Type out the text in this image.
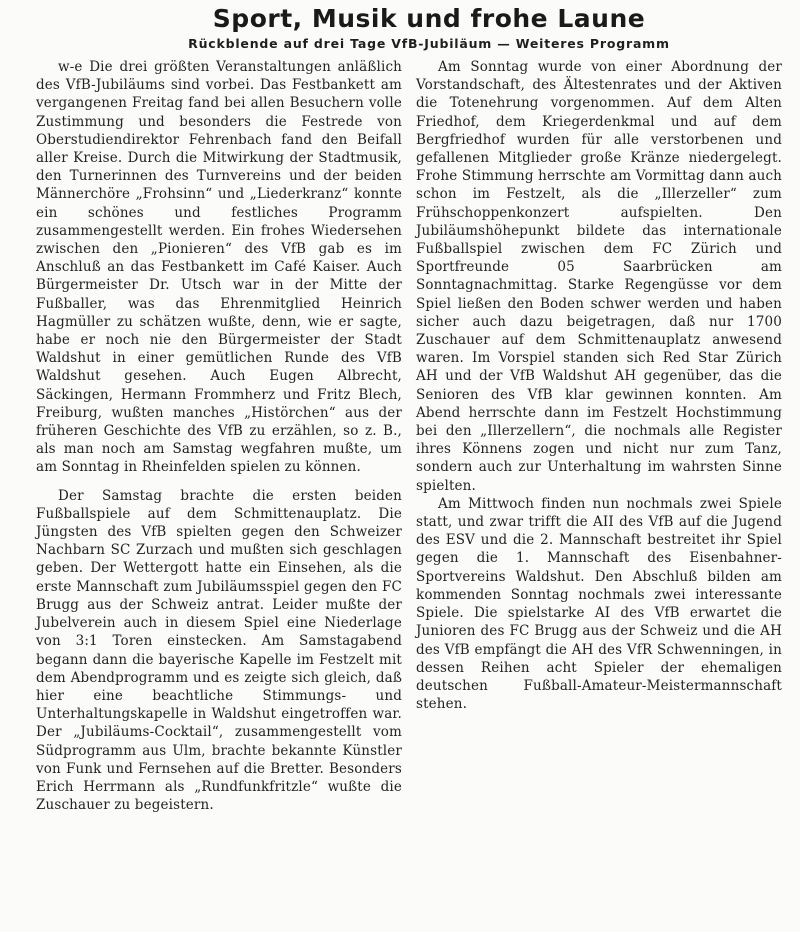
Sport, Musik und frohe Laune
Rückblende auf drei Tage VfB-Jubiläum — Weiteres Programm

w-e Die drei größten Veranstaltungen anläßlich des VfB-Jubiläums sind vorbei. Das Festbankett am vergangenen Freitag fand bei allen Besuchern volle Zustimmung und besonders die Festrede von Oberstudiendirektor Fehrenbach fand den Beifall aller Kreise. Durch die Mitwirkung der Stadtmusik, den Turnerinnen des Turnvereins und der beiden Männerchöre „Frohsinn“ und „Liederkranz“ konnte ein schönes und festliches Programm zusammengestellt werden. Ein frohes Wiedersehen zwischen den „Pionieren“ des VfB gab es im Anschluß an das Festbankett im Café Kaiser. Auch Bürgermeister Dr. Utsch war in der Mitte der Fußballer, was das Ehrenmitglied Heinrich Hagmüller zu schätzen wußte, denn, wie er sagte, habe er noch nie den Bürgermeister der Stadt Waldshut in einer gemütlichen Runde des VfB Waldshut gesehen. Auch Eugen Albrecht, Säckingen, Hermann Frommherz und Fritz Blech, Freiburg, wußten manches „Histörchen“ aus der früheren Geschichte des VfB zu erzählen, so z. B., als man noch am Samstag wegfahren mußte, um am Sonntag in Rheinfelden spielen zu können.

Der Samstag brachte die ersten beiden Fußballspiele auf dem Schmittenauplatz. Die Jüngsten des VfB spielten gegen den Schweizer Nachbarn SC Zurzach und mußten sich geschlagen geben. Der Wettergott hatte ein Einsehen, als die erste Mannschaft zum Jubiläumsspiel gegen den FC Brugg aus der Schweiz antrat. Leider mußte der Jubelverein auch in diesem Spiel eine Niederlage von 3:1 Toren einstecken. Am Samstagabend begann dann die bayerische Kapelle im Festzelt mit dem Abendprogramm und es zeigte sich gleich, daß hier eine beachtliche Stimmungs- und Unterhaltungskapelle in Waldshut eingetroffen war. Der „Jubiläums-Cocktail“, zusammengestellt vom Südprogramm aus Ulm, brachte bekannte Künstler von Funk und Fernsehen auf die Bretter. Besonders Erich Herrmann als „Rundfunkfritzle“ wußte die Zuschauer zu begeistern.

Am Sonntag wurde von einer Abordnung der Vorstandschaft, des Ältestenrates und der Aktiven die Totenehrung vorgenommen. Auf dem Alten Friedhof, dem Kriegerdenkmal und auf dem Bergfriedhof wurden für alle verstorbenen und gefallenen Mitglieder große Kränze niedergelegt. Frohe Stimmung herrschte am Vormittag dann auch schon im Festzelt, als die „Illerzeller“ zum Frühschoppenkonzert aufspielten. Den Jubiläumshöhepunkt bildete das internationale Fußballspiel zwischen dem FC Zürich und Sportfreunde 05 Saarbrücken am Sonntagnachmittag. Starke Regengüsse vor dem Spiel ließen den Boden schwer werden und haben sicher auch dazu beigetragen, daß nur 1700 Zuschauer auf dem Schmittenauplatz anwesend waren. Im Vorspiel standen sich Red Star Zürich AH und der VfB Waldshut AH gegenüber, das die Senioren des VfB klar gewinnen konnten. Am Abend herrschte dann im Festzelt Hochstimmung bei den „Illerzellern“, die nochmals alle Register ihres Könnens zogen und nicht nur zum Tanz, sondern auch zur Unterhaltung im wahrsten Sinne spielten.

Am Mittwoch finden nun nochmals zwei Spiele statt, und zwar trifft die AII des VfB auf die Jugend des ESV und die 2. Mannschaft bestreitet ihr Spiel gegen die 1. Mannschaft des Eisenbahner-Sportvereins Waldshut. Den Abschluß bilden am kommenden Sonntag nochmals zwei interessante Spiele. Die spielstarke AI des VfB erwartet die Junioren des FC Brugg aus der Schweiz und die AH des VfB empfängt die AH des VfR Schwenningen, in dessen Reihen acht Spieler der ehemaligen deutschen Fußball-Amateur-Meistermannschaft stehen.
